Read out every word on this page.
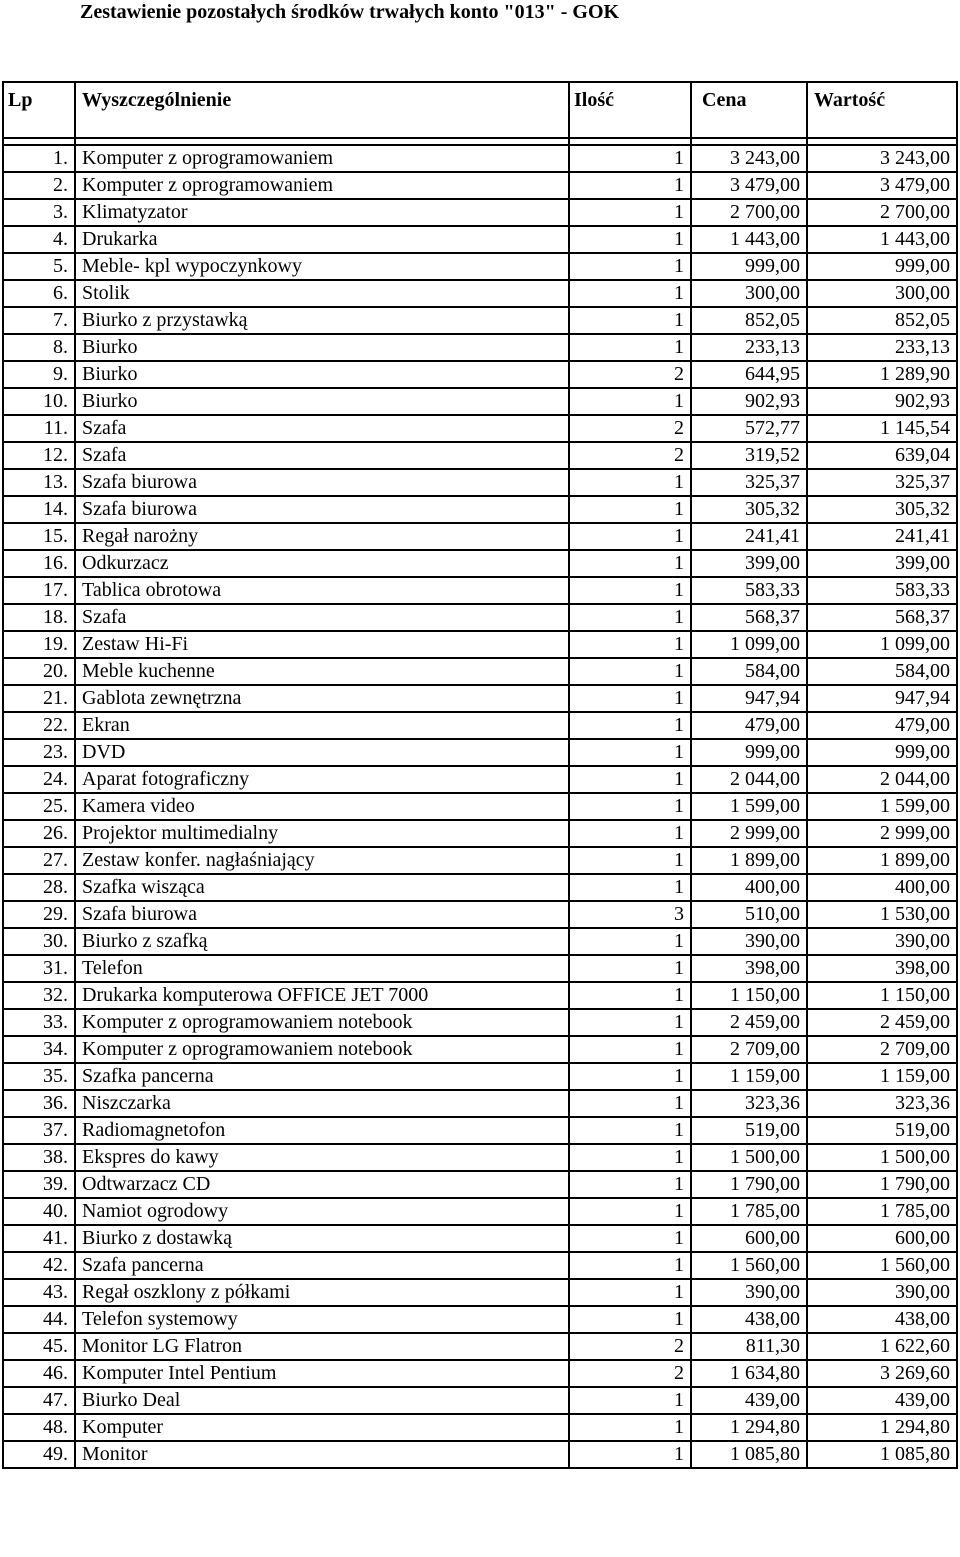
Zestawienie pozostałych środków trwałych konto "013" - GOK
Lp	Wyszczególnienie	Ilość	Cena	Wartość

1.	Komputer z oprogramowaniem	1	3 243,00	3 243,00
2.	Komputer z oprogramowaniem	1	3 479,00	3 479,00
3.	Klimatyzator	1	2 700,00	2 700,00
4.	Drukarka	1	1 443,00	1 443,00
5.	Meble- kpl wypoczynkowy	1	999,00	999,00
6.	Stolik	1	300,00	300,00
7.	Biurko z przystawką	1	852,05	852,05
8.	Biurko	1	233,13	233,13
9.	Biurko	2	644,95	1 289,90
10.	Biurko	1	902,93	902,93
11.	Szafa	2	572,77	1 145,54
12.	Szafa	2	319,52	639,04
13.	Szafa biurowa	1	325,37	325,37
14.	Szafa biurowa	1	305,32	305,32
15.	Regał narożny	1	241,41	241,41
16.	Odkurzacz	1	399,00	399,00
17.	Tablica obrotowa	1	583,33	583,33
18.	Szafa	1	568,37	568,37
19.	Zestaw Hi-Fi	1	1 099,00	1 099,00
20.	Meble kuchenne	1	584,00	584,00
21.	Gablota zewnętrzna	1	947,94	947,94
22.	Ekran	1	479,00	479,00
23.	DVD	1	999,00	999,00
24.	Aparat fotograficzny	1	2 044,00	2 044,00
25.	Kamera video	1	1 599,00	1 599,00
26.	Projektor multimedialny	1	2 999,00	2 999,00
27.	Zestaw konfer. nagłaśniający	1	1 899,00	1 899,00
28.	Szafka wisząca	1	400,00	400,00
29.	Szafa biurowa	3	510,00	1 530,00
30.	Biurko z szafką	1	390,00	390,00
31.	Telefon	1	398,00	398,00
32.	Drukarka komputerowa OFFICE JET 7000	1	1 150,00	1 150,00
33.	Komputer z oprogramowaniem notebook	1	2 459,00	2 459,00
34.	Komputer z oprogramowaniem notebook	1	2 709,00	2 709,00
35.	Szafka pancerna	1	1 159,00	1 159,00
36.	Niszczarka	1	323,36	323,36
37.	Radiomagnetofon	1	519,00	519,00
38.	Ekspres do kawy	1	1 500,00	1 500,00
39.	Odtwarzacz CD	1	1 790,00	1 790,00
40.	Namiot ogrodowy	1	1 785,00	1 785,00
41.	Biurko z dostawką	1	600,00	600,00
42.	Szafa pancerna	1	1 560,00	1 560,00
43.	Regał oszklony z półkami	1	390,00	390,00
44.	Telefon systemowy	1	438,00	438,00
45.	Monitor LG Flatron	2	811,30	1 622,60
46.	Komputer Intel Pentium	2	1 634,80	3 269,60
47.	Biurko Deal	1	439,00	439,00
48.	Komputer	1	1 294,80	1 294,80
49.	Monitor	1	1 085,80	1 085,80
